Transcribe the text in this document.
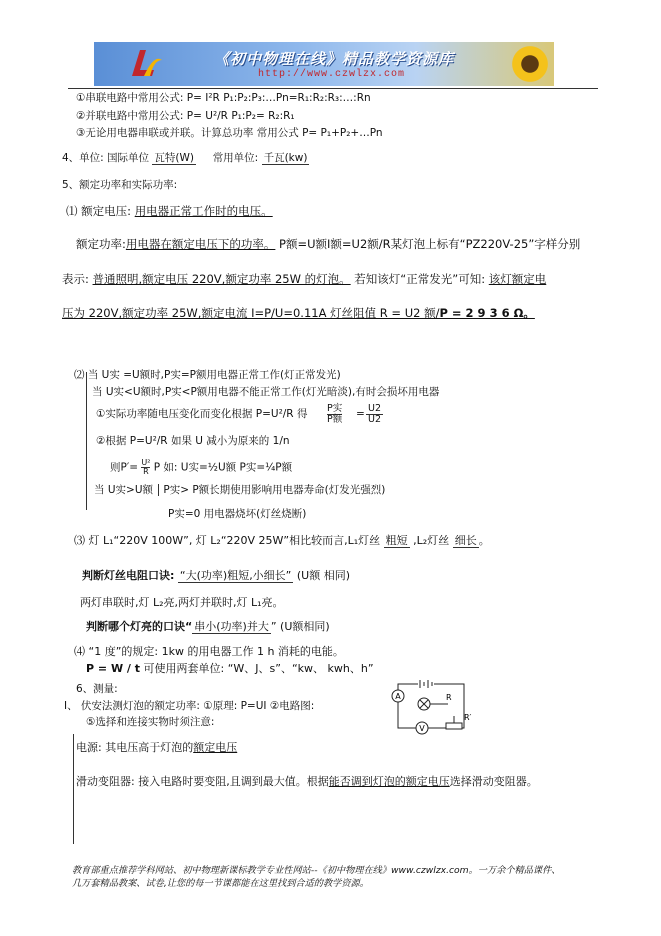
《初中物理在线》精品教学资源库
http://www.czwlzx.com
①串联电路中常用公式: P= I²R P₁:P₂:P₃:…Pn=R₁:R₂:R₃:…:Rn
②并联电路中常用公式: P= U²/R P₁:P₂= R₂:R₁
③无论用电器串联或并联。计算总功率 常用公式 P= P₁+P₂+…Pn
4、单位: 国际单位 瓦特(W) 常用单位: 千瓦(kw)
5、额定功率和实际功率:
⑴ 额定电压: 用电器正常工作时的电压。
额定功率:用电器在额定电压下的功率。 P额=U额I额=U2额/R某灯泡上标有“PZ220V-25”字样分别
表示: 普通照明,额定电压 220V,额定功率 25W 的灯泡。 若知该灯“正常发光”可知: 该灯额定电
压为 220V,额定功率 25W,额定电流 I=P/U=0.11A 灯丝阻值 R = U2 额/P = 2 9 3 6 Ω。
⑵ 当 U实 =U额时,P实=P额用电器正常工作(灯正常发光)
当 U实<U额时,P实<P额用电器不能正常工作(灯光暗淡),有时会损坏用电器
①实际功率随电压变化而变化根据 P=U²/R 得 P实
P额 = $\frac{U2}{U2}$
②根据 P=U²/R 如果 U 减小为原来的 1/n
则$P'= \frac{\text{U²}}{R}$ P 如: U实=½U额 P实=¼P额
当 U实>U额 P实> P额长期使用影响用电器寿命(灯发光强烈)
P实=0 用电器烧坏(灯丝烧断)
⑶ 灯 L₁“220V 100W”, 灯 L₂“220V 25W”相比较而言,L₁灯丝 粗短 ,L₂灯丝 细长 。
判断灯丝电阻口诀: “大(功率)粗短,小细长” (U额 相同)
两灯串联时,灯 L₂亮,两灯并联时,灯 L₁亮。
判断哪个灯亮的口诀“ 串小(功率)并大 ” (U额相同)
⑷ “1 度”的规定: 1kw 的用电器工作 1 h 消耗的电能。
P = W / t 可使用两套单位: “W、J、s”、“kw、 kwh、h”
6、测量:
Ⅰ、 伏安法测灯泡的额定功率: ①原理: P=UI ②电路图:
⑤选择和连接实物时须注意:
A	R
V
R′
电源: 其电压高于灯泡的额定电压
滑动变阻器: 接入电路时要变阻,且调到最大值。根据能否调到灯泡的额定电压选择滑动变阻器。
教育部重点推荐学科网站、初中物理新课标教学专业性网站--《初中物理在线》www.czwlzx.com。一万余个精品课件、
几万套精品教案、试卷,让您的每一节课都能在这里找到合适的教学资源。
